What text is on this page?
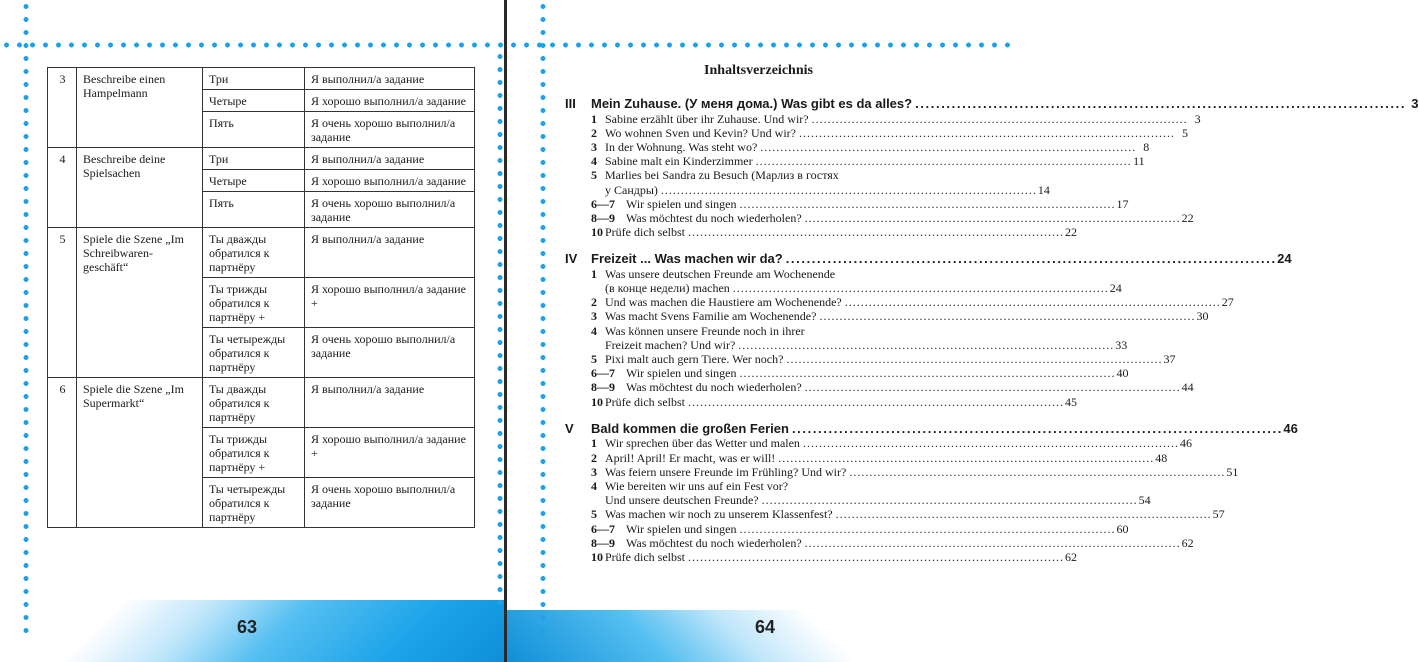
3	Beschreibe einen Hampelmann	Три	Я выполнил/а задание
		Четыре	Я хорошо выполнил/а задание
		Пять	Я очень хорошо выполнил/а задание
4	Beschreibe deine Spielsachen	Три	Я выполнил/а задание
		Четыре	Я хорошо выполнил/а задание
		Пять	Я очень хорошо выполнил/а задание
5	Spiele die Szene „Im Schreibwaren-geschäft“	Ты дважды обратился к партнёру	Я выполнил/а задание
		Ты трижды обратился к партнёру +	Я хорошо выполнил/а задание +
		Ты четырежды обратился к партнёру	Я очень хорошо выполнил/а задание
6	Spiele die Szene „Im Supermarkt“	Ты дважды обратился к партнёру	Я выполнил/а задание
		Ты трижды обратился к партнёру +	Я хорошо выполнил/а задание +
		Ты четырежды обратился к партнёру	Я очень хорошо выполнил/а задание
63
Inhaltsverzeichnis
III	Mein Zuhause. (У меня дома.) Was gibt es da alles? . . .	3
1 Sabine erzählt über ihr Zuhause. Und wir? . . .	3
2 Wo wohnen Sven und Kevin? Und wir? . . .	5
3 In der Wohnung. Was steht wo? . . .	8
4 Sabine malt ein Kinderzimmer . . .	11
5 Marlies bei Sandra zu Besuch (Марлиз в гостях
у Сандры) . . .	14
6—7 Wir spielen und singen . . .	17
8—9 Was möchtest du noch wiederholen? . . .	22
10 Prüfe dich selbst . . .	22
IV	Freizeit ... Was machen wir da? . . .	24
1 Was unsere deutschen Freunde am Wochenende
(в конце недели) machen . . .	24
2 Und was machen die Haustiere am Wochenende? . . .	27
3 Was macht Svens Familie am Wochenende? . . .	30
4 Was können unsere Freunde noch in ihrer
Freizeit machen? Und wir? . . .	33
5 Pixi malt auch gern Tiere. Wer noch? . . .	37
6—7 Wir spielen und singen . . .	40
8—9 Was möchtest du noch wiederholen? . . .	44
10 Prüfe dich selbst . . .	45
V	Bald kommen die großen Ferien . . .	46
1 Wir sprechen über das Wetter und malen . . .	46
2 April! April! Er macht, was er will! . . .	48
3 Was feiern unsere Freunde im Frühling? Und wir? . . .	51
4 Wie bereiten wir uns auf ein Fest vor?
Und unsere deutschen Freunde? . . .	54
5 Was machen wir noch zu unserem Klassenfest? . . .	57
6—7 Wir spielen und singen . . .	60
8—9 Was möchtest du noch wiederholen? . . .	62
10 Prüfe dich selbst . . .	62
64
